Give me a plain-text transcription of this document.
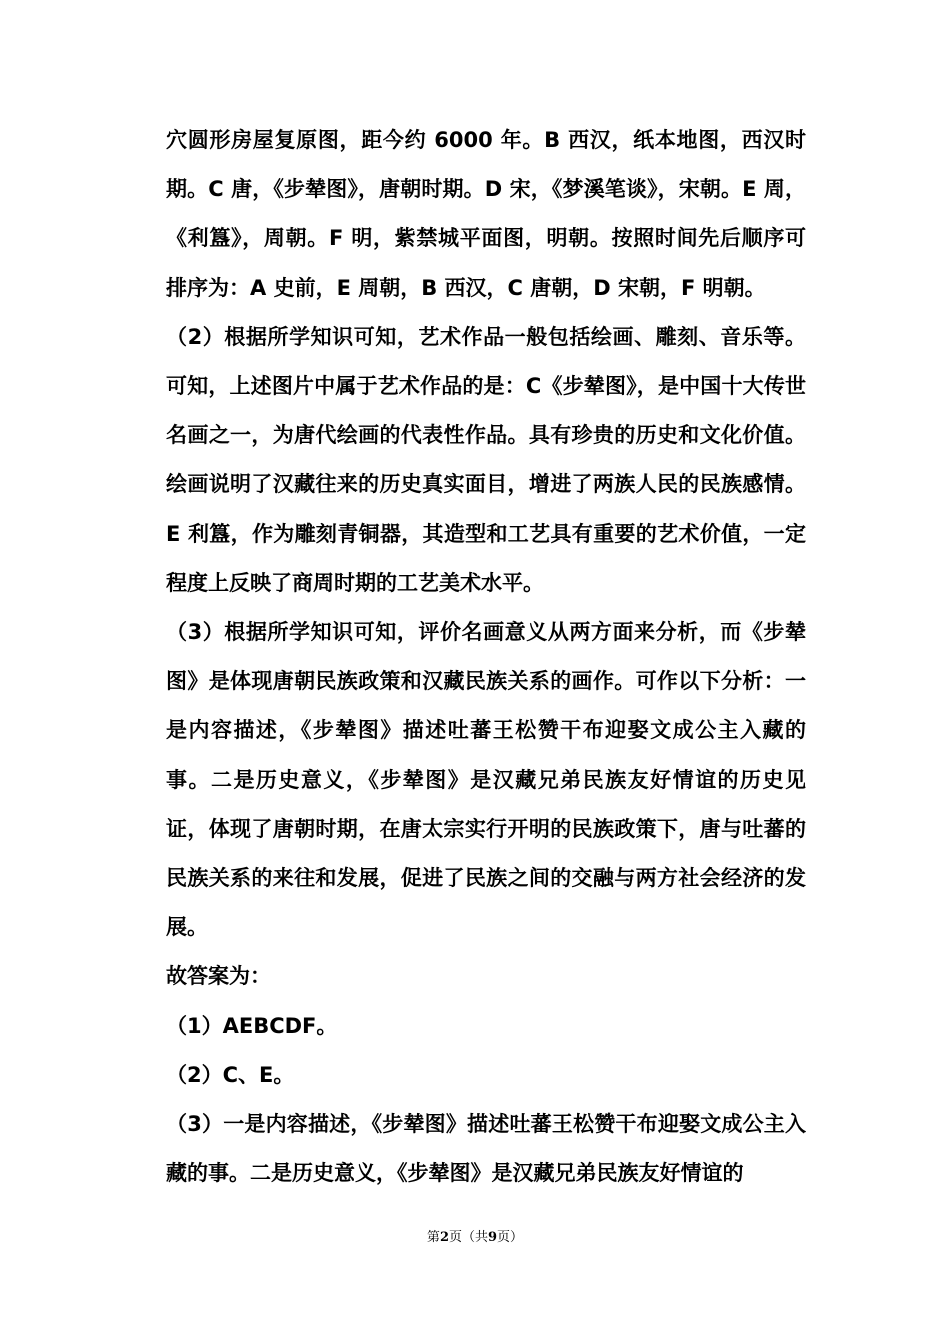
穴圆形房屋复原图，距今约 6000 年。B 西汉，纸本地图，西汉时期。C 唐，《步辇图》，唐朝时期。D 宋，《梦溪笔谈》，宋朝。E 周，《利簋》，周朝。F 明，紫禁城平面图，明朝。按照时间先后顺序可排序为：A 史前，E 周朝，B 西汉，C 唐朝，D 宋朝，F 明朝。

（2）根据所学知识可知，艺术作品一般包括绘画、雕刻、音乐等。可知，上述图片中属于艺术作品的是：C《步辇图》，是中国十大传世名画之一，为唐代绘画的代表性作品。具有珍贵的历史和文化价值。绘画说明了汉藏往来的历史真实面目，增进了两族人民的民族感情。E 利簋，作为雕刻青铜器，其造型和工艺具有重要的艺术价值，一定程度上反映了商周时期的工艺美术水平。

（3）根据所学知识可知，评价名画意义从两方面来分析，而《步辇图》是体现唐朝民族政策和汉藏民族关系的画作。可作以下分析：一是内容描述，《步辇图》描述吐蕃王松赞干布迎娶文成公主入藏的事。二是历史意义，《步辇图》是汉藏兄弟民族友好情谊的历史见证，体现了唐朝时期，在唐太宗实行开明的民族政策下，唐与吐蕃的民族关系的来往和发展，促进了民族之间的交融与两方社会经济的发展。

故答案为：

（1）AEBCDF。

（2）C、E。

（3）一是内容描述，《步辇图》描述吐蕃王松赞干布迎娶文成公主入藏的事。二是历史意义，《步辇图》是汉藏兄弟民族友好情谊的

第2页（共9页）
